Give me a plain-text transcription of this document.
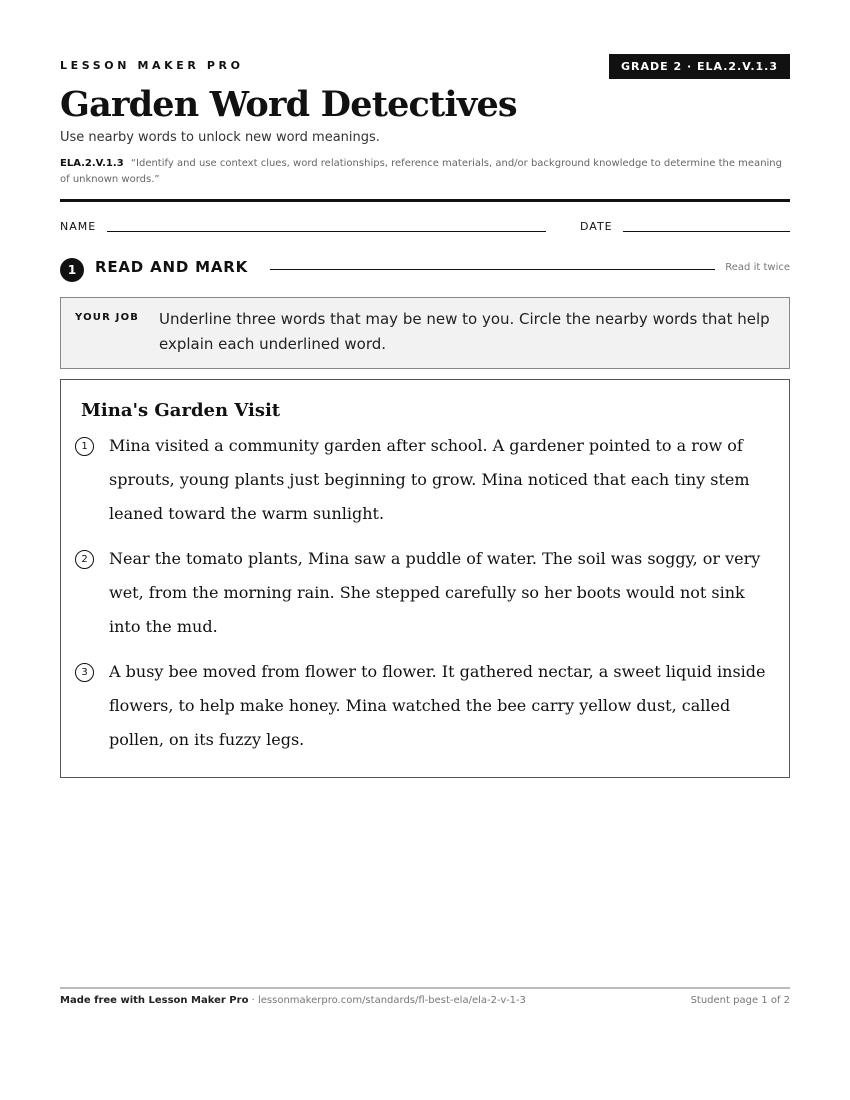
LESSON MAKER PRO	GRADE 2 · ELA.2.V.1.3
Garden Word Detectives
Use nearby words to unlock new word meanings.
ELA.2.V.1.3 “Identify and use context clues, word relationships, reference materials, and/or background knowledge to determine the meaning of unknown words.”
NAME	DATE
1	READ AND MARK	Read it twice
YOUR JOB Underline three words that may be new to you. Circle the nearby words that help explain each underlined word.
Mina's Garden Visit
1	Mina visited a community garden after school. A gardener pointed to a row of sprouts, young plants just beginning to grow. Mina noticed that each tiny stem leaned toward the warm sunlight.
2	Near the tomato plants, Mina saw a puddle of water. The soil was soggy, or very wet, from the morning rain. She stepped carefully so her boots would not sink into the mud.
3	A busy bee moved from flower to flower. It gathered nectar, a sweet liquid inside flowers, to help make honey. Mina watched the bee carry yellow dust, called pollen, on its fuzzy legs.
Made free with Lesson Maker Pro · lessonmakerpro.com/standards/fl-best-ela/ela-2-v-1-3	Student page 1 of 2
